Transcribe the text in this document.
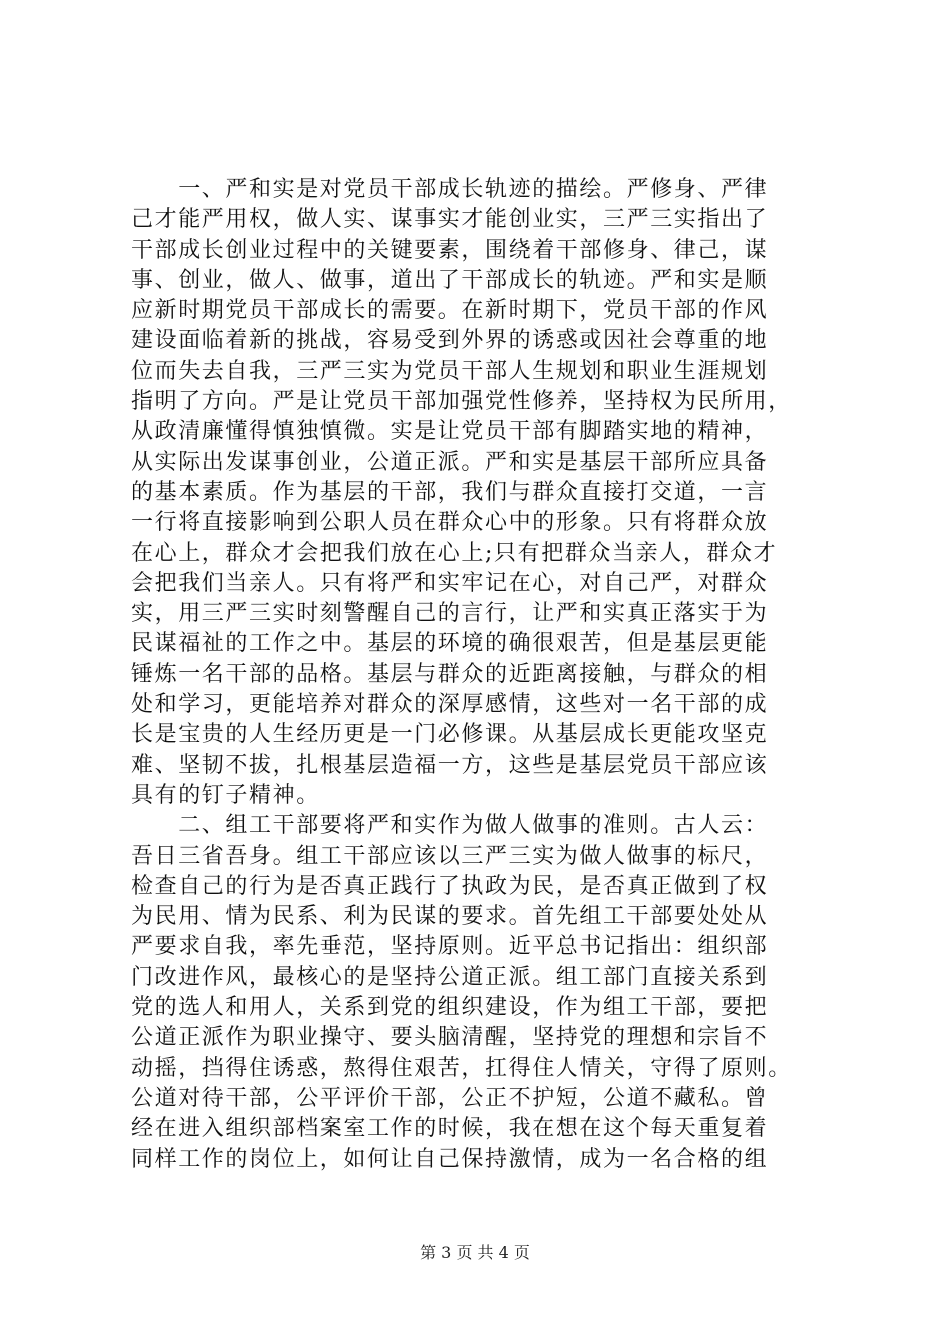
　　一、严和实是对党员干部成长轨迹的描绘。严修身、严律
己才能严用权，做人实、谋事实才能创业实，三严三实指出了
干部成长创业过程中的关键要素，围绕着干部修身、律己，谋
事、创业，做人、做事，道出了干部成长的轨迹。严和实是顺
应新时期党员干部成长的需要。在新时期下，党员干部的作风
建设面临着新的挑战，容易受到外界的诱惑或因社会尊重的地
位而失去自我，三严三实为党员干部人生规划和职业生涯规划
指明了方向。严是让党员干部加强党性修养，坚持权为民所用，
从政清廉懂得慎独慎微。实是让党员干部有脚踏实地的精神，
从实际出发谋事创业，公道正派。严和实是基层干部所应具备
的基本素质。作为基层的干部，我们与群众直接打交道，一言
一行将直接影响到公职人员在群众心中的形象。只有将群众放
在心上，群众才会把我们放在心上;只有把群众当亲人，群众才
会把我们当亲人。只有将严和实牢记在心，对自己严，对群众
实，用三严三实时刻警醒自己的言行，让严和实真正落实于为
民谋福祉的工作之中。基层的环境的确很艰苦，但是基层更能
锤炼一名干部的品格。基层与群众的近距离接触，与群众的相
处和学习，更能培养对群众的深厚感情，这些对一名干部的成
长是宝贵的人生经历更是一门必修课。从基层成长更能攻坚克
难、坚韧不拔，扎根基层造福一方，这些是基层党员干部应该
具有的钉子精神。
　　二、组工干部要将严和实作为做人做事的准则。古人云：
吾日三省吾身。组工干部应该以三严三实为做人做事的标尺，
检查自己的行为是否真正践行了执政为民，是否真正做到了权
为民用、情为民系、利为民谋的要求。首先组工干部要处处从
严要求自我，率先垂范，坚持原则。近平总书记指出：组织部
门改进作风，最核心的是坚持公道正派。组工部门直接关系到
党的选人和用人，关系到党的组织建设，作为组工干部，要把
公道正派作为职业操守、要头脑清醒，坚持党的理想和宗旨不
动摇，挡得住诱惑，熬得住艰苦，扛得住人情关，守得了原则。
公道对待干部，公平评价干部，公正不护短，公道不藏私。曾
经在进入组织部档案室工作的时候，我在想在这个每天重复着
同样工作的岗位上，如何让自己保持激情，成为一名合格的组
第 3 页 共 4 页
